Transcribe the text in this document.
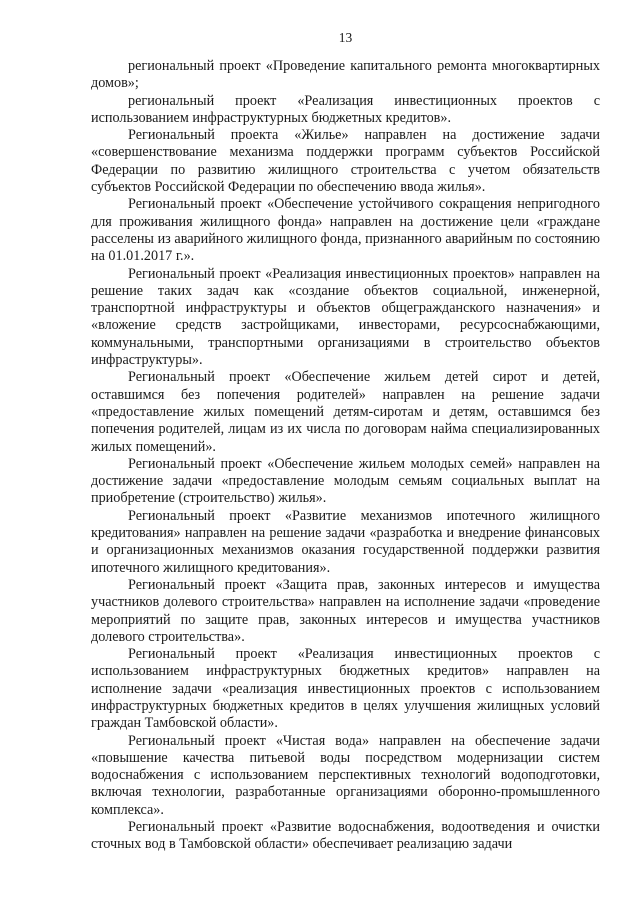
13

региональный проект «Проведение капитального ремонта многоквартирных домов»;

региональный проект «Реализация инвестиционных проектов с использованием инфраструктурных бюджетных кредитов».

Региональный проекта «Жилье» направлен на достижение задачи «совершенствование механизма поддержки программ субъектов Российской Федерации по развитию жилищного строительства с учетом обязательств субъектов Российской Федерации по обеспечению ввода жилья».

Региональный проект «Обеспечение устойчивого сокращения непригодного для проживания жилищного фонда» направлен на достижение цели «граждане расселены из аварийного жилищного фонда, признанного аварийным по состоянию на 01.01.2017 г.».

Региональный проект «Реализация инвестиционных проектов» направлен на решение таких задач как «создание объектов социальной, инженерной, транспортной инфраструктуры и объектов общегражданского назначения» и «вложение средств застройщиками, инвесторами, ресурсоснабжающими, коммунальными, транспортными организациями в строительство объектов инфраструктуры».

Региональный проект «Обеспечение жильем детей сирот и детей, оставшимся без попечения родителей» направлен на решение задачи «предоставление жилых помещений детям-сиротам и детям, оставшимся без попечения родителей, лицам из их числа по договорам найма специализированных жилых помещений».

Региональный проект «Обеспечение жильем молодых семей» направлен на достижение задачи «предоставление молодым семьям социальных выплат на приобретение (строительство) жилья».

Региональный проект «Развитие механизмов ипотечного жилищного кредитования» направлен на решение задачи «разработка и внедрение финансовых и организационных механизмов оказания государственной поддержки развития ипотечного жилищного кредитования».

Региональный проект «Защита прав, законных интересов и имущества участников долевого строительства» направлен на исполнение задачи «проведение мероприятий по защите прав, законных интересов и имущества участников долевого строительства».

Региональный проект «Реализация инвестиционных проектов с использованием инфраструктурных бюджетных кредитов» направлен на исполнение задачи «реализация инвестиционных проектов с использованием инфраструктурных бюджетных кредитов в целях улучшения жилищных условий граждан Тамбовской области».

Региональный проект «Чистая вода» направлен на обеспечение задачи «повышение качества питьевой воды посредством модернизации систем водоснабжения с использованием перспективных технологий водоподготовки, включая технологии, разработанные организациями оборонно-промышленного комплекса».

Региональный проект «Развитие водоснабжения, водоотведения и очистки сточных вод в Тамбовской области» обеспечивает реализацию задачи
